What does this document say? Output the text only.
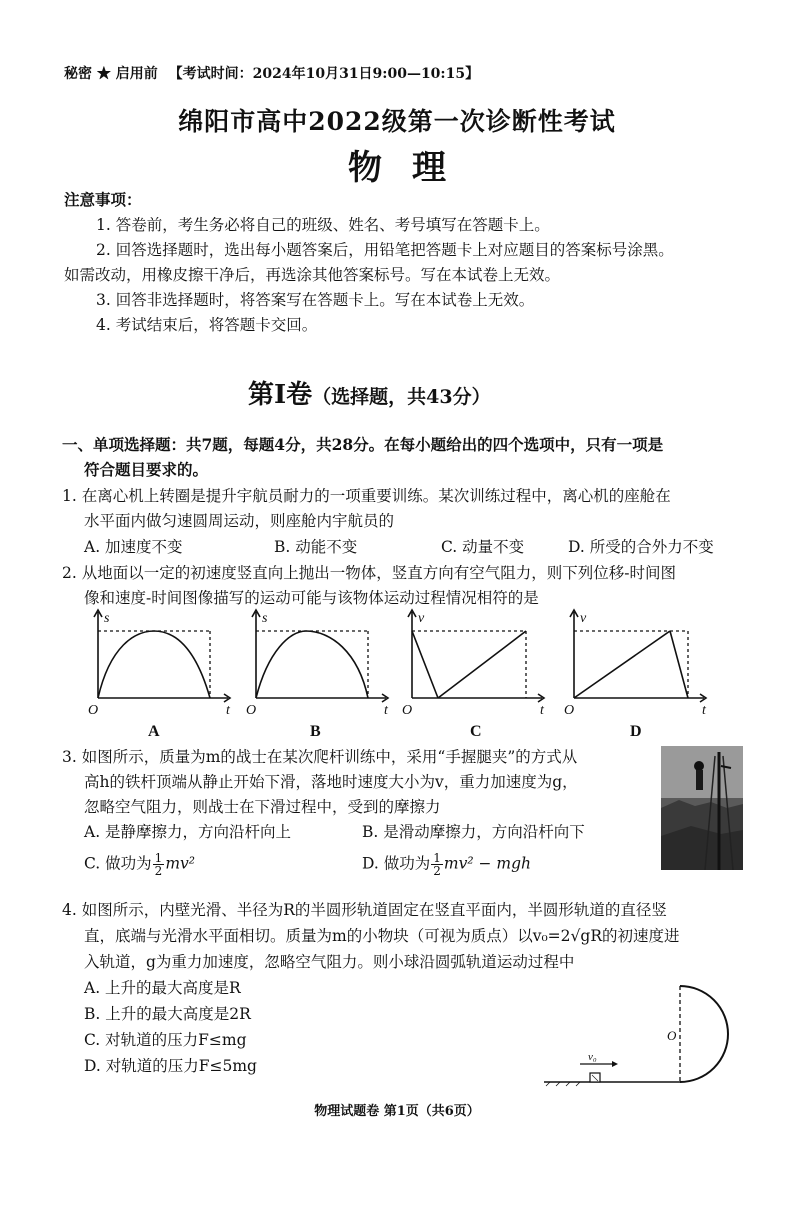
秘密 ★ 启用前 【考试时间：2024年10月31日9:00—10:15】
绵阳市高中2022级第一次诊断性考试
物理
注意事项：
1. 答卷前，考生务必将自己的班级、姓名、考号填写在答题卡上。
2. 回答选择题时，选出每小题答案后，用铅笔把答题卡上对应题目的答案标号涂黑。
如需改动，用橡皮擦干净后，再选涂其他答案标号。写在本试卷上无效。
3. 回答非选择题时，将答案写在答题卡上。写在本试卷上无效。
4. 考试结束后，将答题卡交回。
第Ⅰ卷（选择题，共43分）
一、单项选择题：共7题，每题4分，共28分。在每小题给出的四个选项中，只有一项是
符合题目要求的。
1. 在离心机上转圈是提升宇航员耐力的一项重要训练。某次训练过程中，离心机的座舱在
水平面内做匀速圆周运动，则座舱内宇航员的
A. 加速度不变	B. 动能不变	C. 动量不变	D. 所受的合外力不变
2. 从地面以一定的初速度竖直向上抛出一物体，竖直方向有空气阻力，则下列位移-时间图
像和速度-时间图像描写的运动可能与该物体运动过程情况相符的是
s
O	t
s
O	t
v
O	t
v
O	t
A	B	C	D
3. 如图所示，质量为m的战士在某次爬杆训练中，采用“手握腿夹”的方式从
高h的铁杆顶端从静止开始下滑，落地时速度大小为v，重力加速度为g，
忽略空气阻力，则战士在下滑过程中，受到的摩擦力
A. 是静摩擦力，方向沿杆向上	B. 是滑动摩擦力，方向沿杆向下
C. 做功为 $\frac{1}{2} mv^2$	D. 做功为 $\frac{1}{2} mv^2$ − mgh
4. 如图所示，内壁光滑、半径为R的半圆形轨道固定在竖直平面内，半圆形轨道的直径竖
直，底端与光滑水平面相切。质量为m的小物块（可视为质点）以v₀=2√gR的初速度进
入轨道，g为重力加速度，忽略空气阻力。则小球沿圆弧轨道运动过程中
A. 上升的最大高度是R
B. 上升的最大高度是2R
C. 对轨道的压力F≤mg
D. 对轨道的压力F≤5mg	v₀
O
物理试题卷 第1页（共6页）
